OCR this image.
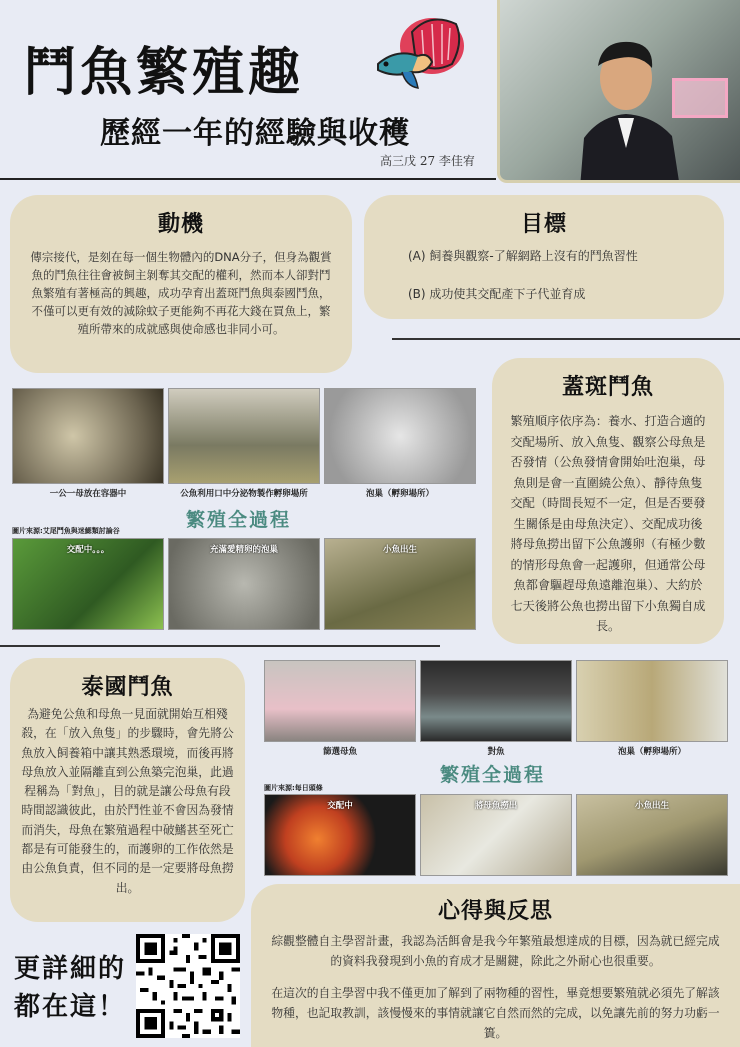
鬥魚繁殖趣
歷經一年的經驗與收穫
高三戊 27 李佳宥
動機

傳宗接代，是刻在每一個生物體內的DNA分子，但身為觀賞魚的鬥魚往往會被飼主剝奪其交配的權利，然而本人卻對鬥魚繁殖有著極高的興趣，成功孕育出蓋斑鬥魚與泰國鬥魚，不僅可以更有效的減除蚊子更能夠不再花大錢在買魚上，繁殖所帶來的成就感與使命感也非同小可。

目標

(A) 飼養與觀察-了解網路上沒有的鬥魚習性

(B) 成功使其交配產下子代並育成

一公一母放在容器中	公魚利用口中分泌物製作孵卵場所	泡巢（孵卵場所）
繁殖全過程
圖片來源:艾尾鬥魚與迷鰓類討論谷
交配中。。。	充滿愛精卵的泡巢	小魚出生
蓋斑鬥魚

繁殖順序依序為：養水、打造合適的交配場所、放入魚隻、觀察公母魚是否發情（公魚發情會開始吐泡巢，母魚則是會一直圍繞公魚）、靜待魚隻交配（時間長短不一定，但是否要發生關係是由母魚決定）、交配成功後將母魚撈出留下公魚護卵（有極少數的情形母魚會一起護卵，但通常公母魚都會驅趕母魚遠離泡巢）、大約於七天後將公魚也撈出留下小魚獨自成長。

泰國鬥魚

為避免公魚和母魚一見面就開始互相殘殺，在「放入魚隻」的步驟時，會先將公魚放入飼養箱中讓其熟悉環境，而後再將母魚放入並隔離直到公魚築完泡巢，此過程稱為「對魚」，目的就是讓公母魚有段時間認識彼此，由於鬥性並不會因為發情而消失，母魚在繁殖過程中破鰭甚至死亡都是有可能發生的，而護卵的工作依然是由公魚負責，但不同的是一定要將母魚撈出。

篩選母魚	對魚	泡巢（孵卵場所）
繁殖全過程
圖片來源:每日頭條
交配中	將母魚撈出	小魚出生
心得與反思

綜觀整體自主學習計畫，我認為活餌會是我今年繁殖最想達成的目標，因為就已經完成的資料我發現到小魚的育成才是關鍵，除此之外耐心也很重要。

在這次的自主學習中我不僅更加了解到了兩物種的習性，畢竟想要繁殖就必須先了解該物種，也記取教訓，該慢慢來的事情就讓它自然而然的完成，以免讓先前的努力功虧一簣。

更詳細的
都在這！
